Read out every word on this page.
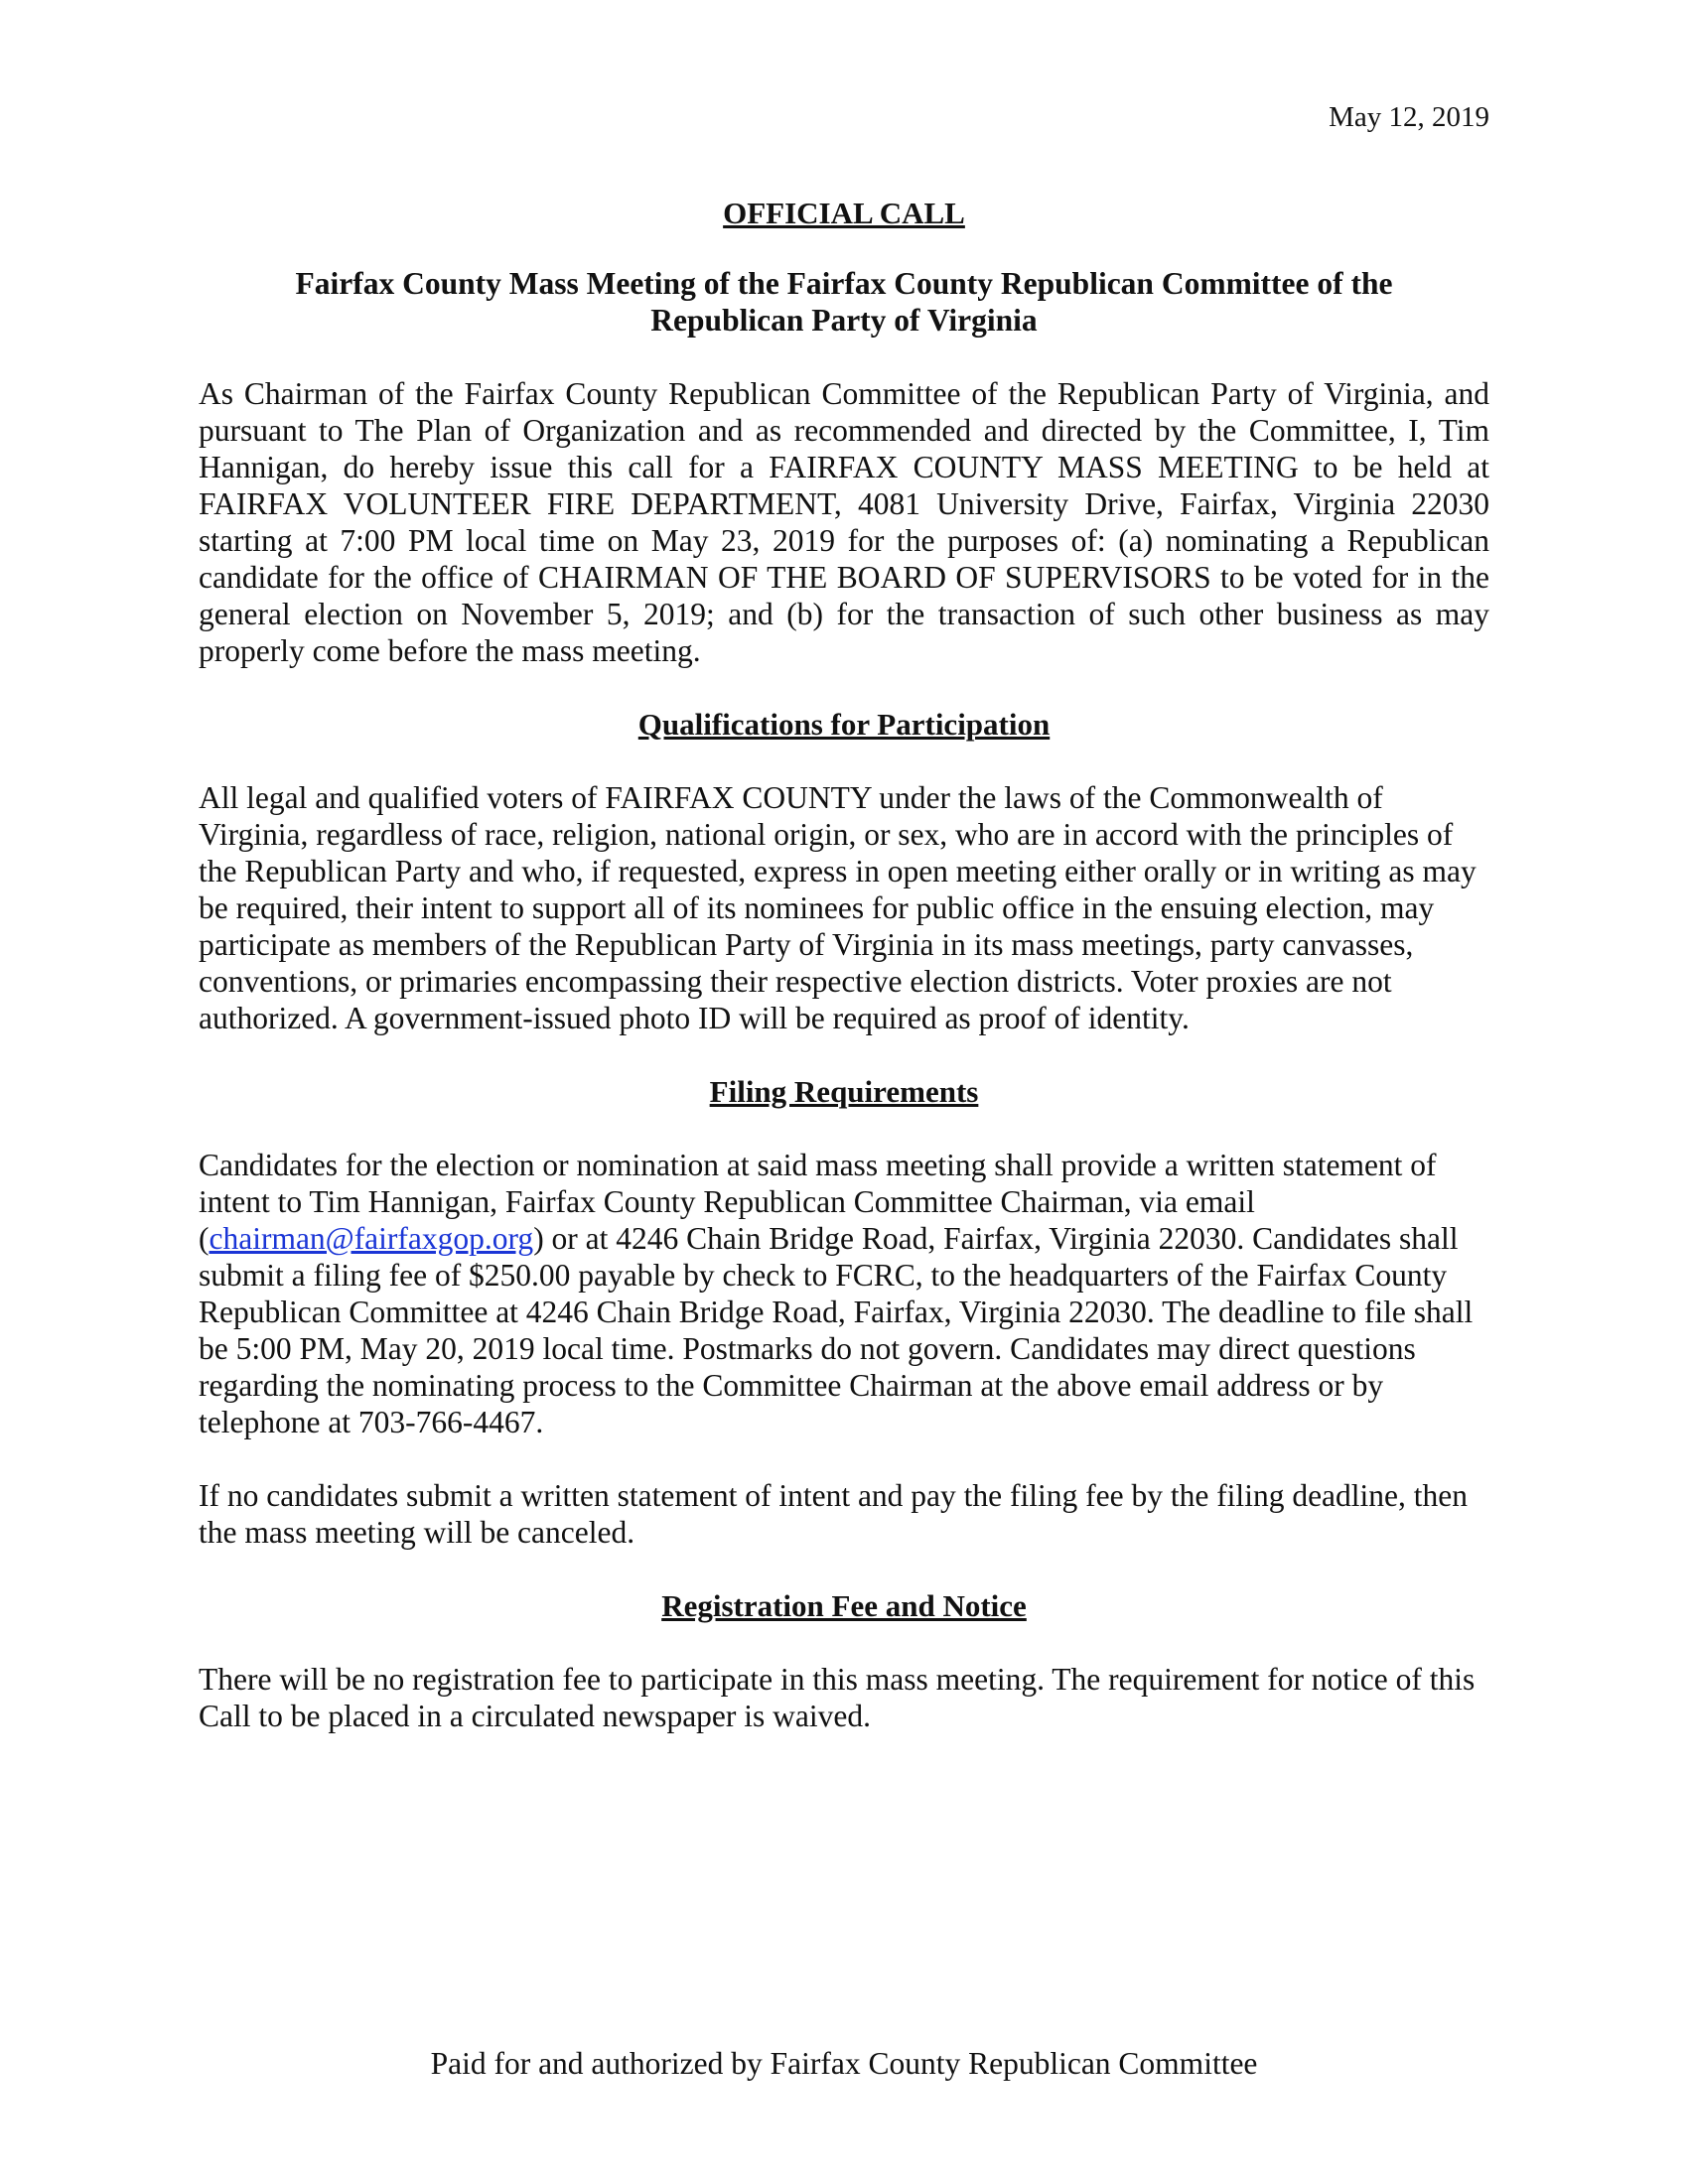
May 12, 2019
OFFICIAL CALL
Fairfax County Mass Meeting of the Fairfax County Republican Committee of the Republican Party of Virginia

As Chairman of the Fairfax County Republican Committee of the Republican Party of Virginia, and pursuant to The Plan of Organization and as recommended and directed by the Committee, I, Tim Hannigan, do hereby issue this call for a FAIRFAX COUNTY MASS MEETING to be held at FAIRFAX VOLUNTEER FIRE DEPARTMENT, 4081 University Drive, Fairfax, Virginia 22030 starting at 7:00 PM local time on May 23, 2019 for the purposes of: (a) nominating a Republican candidate for the office of CHAIRMAN OF THE BOARD OF SUPERVISORS to be voted for in the general election on November 5, 2019; and (b) for the transaction of such other business as may properly come before the mass meeting.

Qualifications for Participation

All legal and qualified voters of FAIRFAX COUNTY under the laws of the Commonwealth of Virginia, regardless of race, religion, national origin, or sex, who are in accord with the principles of the Republican Party and who, if requested, express in open meeting either orally or in writing as may be required, their intent to support all of its nominees for public office in the ensuing election, may participate as members of the Republican Party of Virginia in its mass meetings, party canvasses, conventions, or primaries encompassing their respective election districts. Voter proxies are not authorized. A government-issued photo ID will be required as proof of identity.

Filing Requirements

Candidates for the election or nomination at said mass meeting shall provide a written statement of intent to Tim Hannigan, Fairfax County Republican Committee Chairman, via email (chairman@fairfaxgop.org) or at 4246 Chain Bridge Road, Fairfax, Virginia 22030. Candidates shall submit a filing fee of $250.00 payable by check to FCRC, to the headquarters of the Fairfax County Republican Committee at 4246 Chain Bridge Road, Fairfax, Virginia 22030. The deadline to file shall be 5:00 PM, May 20, 2019 local time. Postmarks do not govern. Candidates may direct questions regarding the nominating process to the Committee Chairman at the above email address or by telephone at 703-766-4467.

If no candidates submit a written statement of intent and pay the filing fee by the filing deadline, then the mass meeting will be canceled.

Registration Fee and Notice

There will be no registration fee to participate in this mass meeting. The requirement for notice of this Call to be placed in a circulated newspaper is waived.

Paid for and authorized by Fairfax County Republican Committee
